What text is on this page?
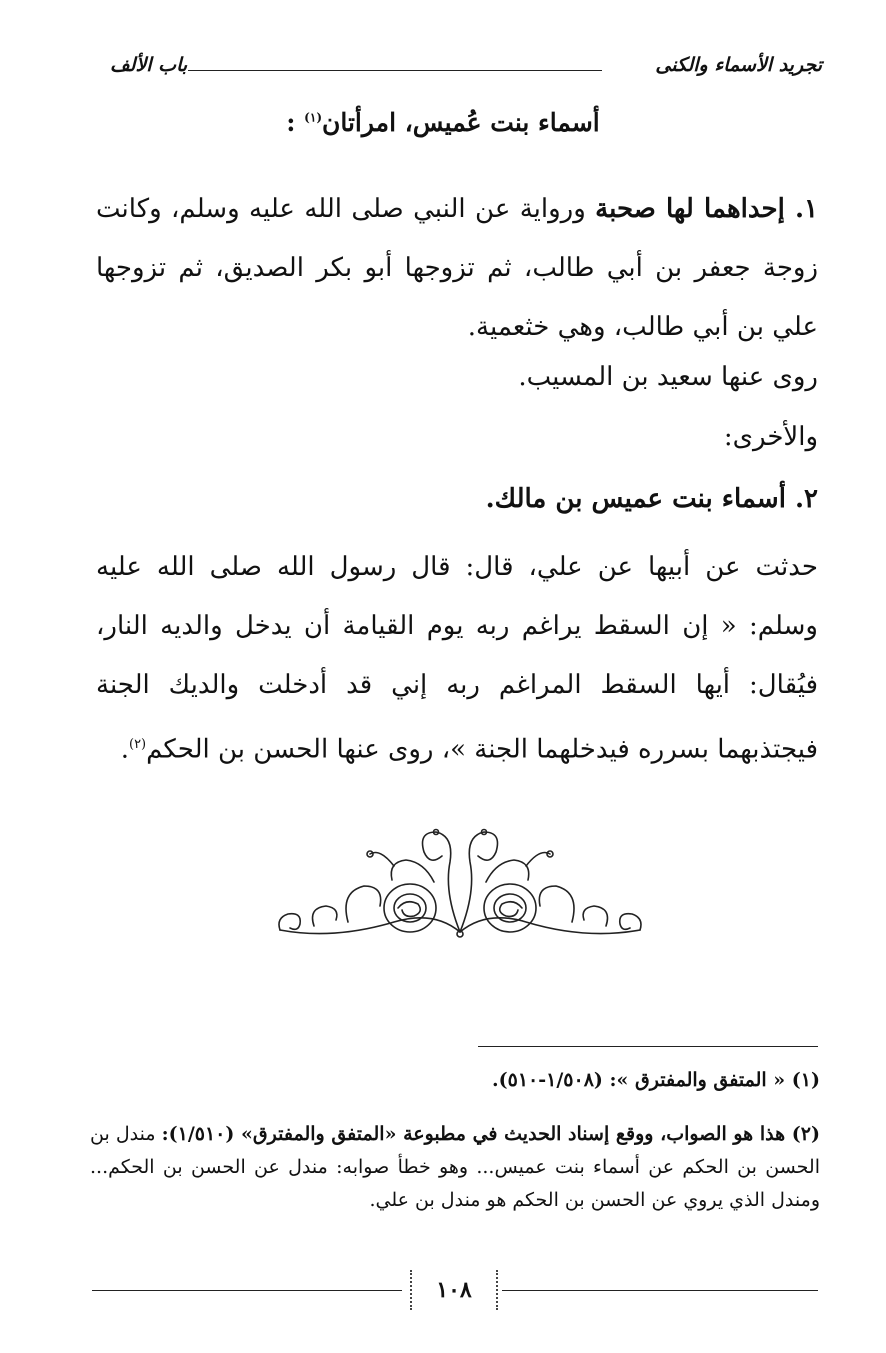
تجريد الأسماء والكنى
باب الألف
أسماء بنت عُميس، امرأتان$^{(١)}$ :
١. إحداهما لها صحبة ورواية عن النبي صلى الله عليه وسلم، وكانت زوجة جعفر بن أبي طالب، ثم تزوجها أبو بكر الصديق، ثم تزوجها علي بن أبي طالب، وهي خثعمية.
روى عنها سعيد بن المسيب.
والأخرى:
٢. أسماء بنت عميس بن مالك.
حدثت عن أبيها عن علي، قال: قال رسول الله صلى الله عليه وسلم: « إن السقط يراغم ربه يوم القيامة أن يدخل والديه النار، فيُقال: أيها السقط المراغم ربه إني قد أدخلت والديك الجنة فيجتذبهما بسرره فيدخلهما الجنة »، روى عنها الحسن بن الحكم$^{(٢)}$.
(١) « المتفق والمفترق »: (١/٥٠٨-٥١٠).
(٢) هذا هو الصواب، ووقع إسناد الحديث في مطبوعة «المتفق والمفترق» (١/٥١٠): مندل بن الحسن بن الحكم عن أسماء بنت عميس... وهو خطأ صوابه: مندل عن الحسن بن الحكم... ومندل الذي يروي عن الحسن بن الحكم هو مندل بن علي.
١٠٨
